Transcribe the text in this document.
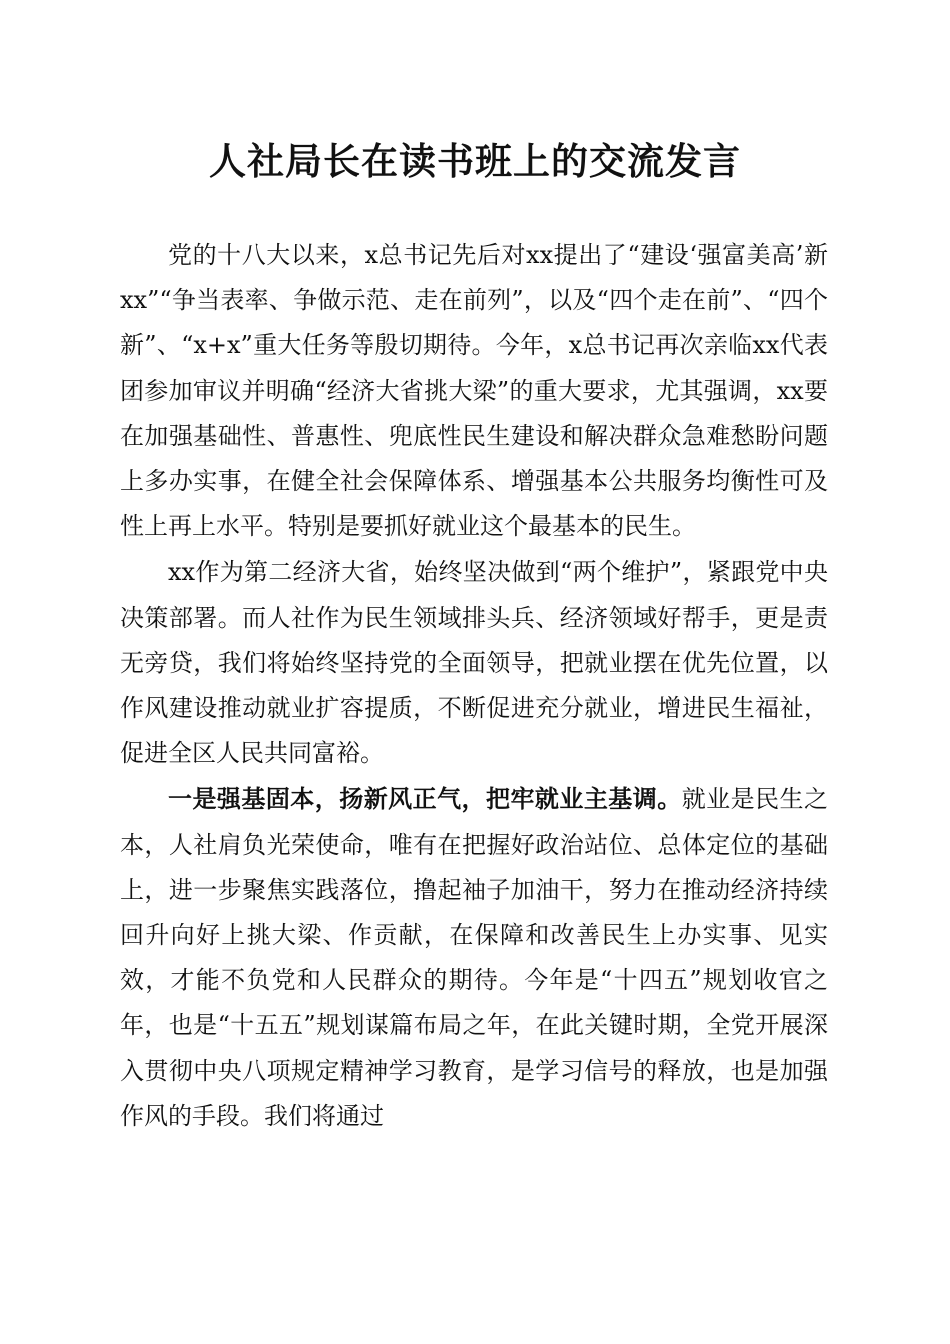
人社局长在读书班上的交流发言

党的十八大以来，x总书记先后对xx提出了“建设‘强富美高’新xx”“争当表率、争做示范、走在前列”，以及“四个走在前”、“四个新”、“x+x”重大任务等殷切期待。今年，x总书记再次亲临xx代表团参加审议并明确“经济大省挑大梁”的重大要求，尤其强调，xx要在加强基础性、普惠性、兜底性民生建设和解决群众急难愁盼问题上多办实事，在健全社会保障体系、增强基本公共服务均衡性可及性上再上水平。特别是要抓好就业这个最基本的民生。

xx作为第二经济大省，始终坚决做到“两个维护”，紧跟党中央决策部署。而人社作为民生领域排头兵、经济领域好帮手，更是责无旁贷，我们将始终坚持党的全面领导，把就业摆在优先位置，以作风建设推动就业扩容提质，不断促进充分就业，增进民生福祉，促进全区人民共同富裕。

一是强基固本，扬新风正气，把牢就业主基调。就业是民生之本，人社肩负光荣使命，唯有在把握好政治站位、总体定位的基础上，进一步聚焦实践落位，撸起袖子加油干，努力在推动经济持续回升向好上挑大梁、作贡献，在保障和改善民生上办实事、见实效，才能不负党和人民群众的期待。今年是“十四五”规划收官之年，也是“十五五”规划谋篇布局之年，在此关键时期，全党开展深入贯彻中央八项规定精神学习教育，是学习信号的释放，也是加强作风的手段。我们将通过
